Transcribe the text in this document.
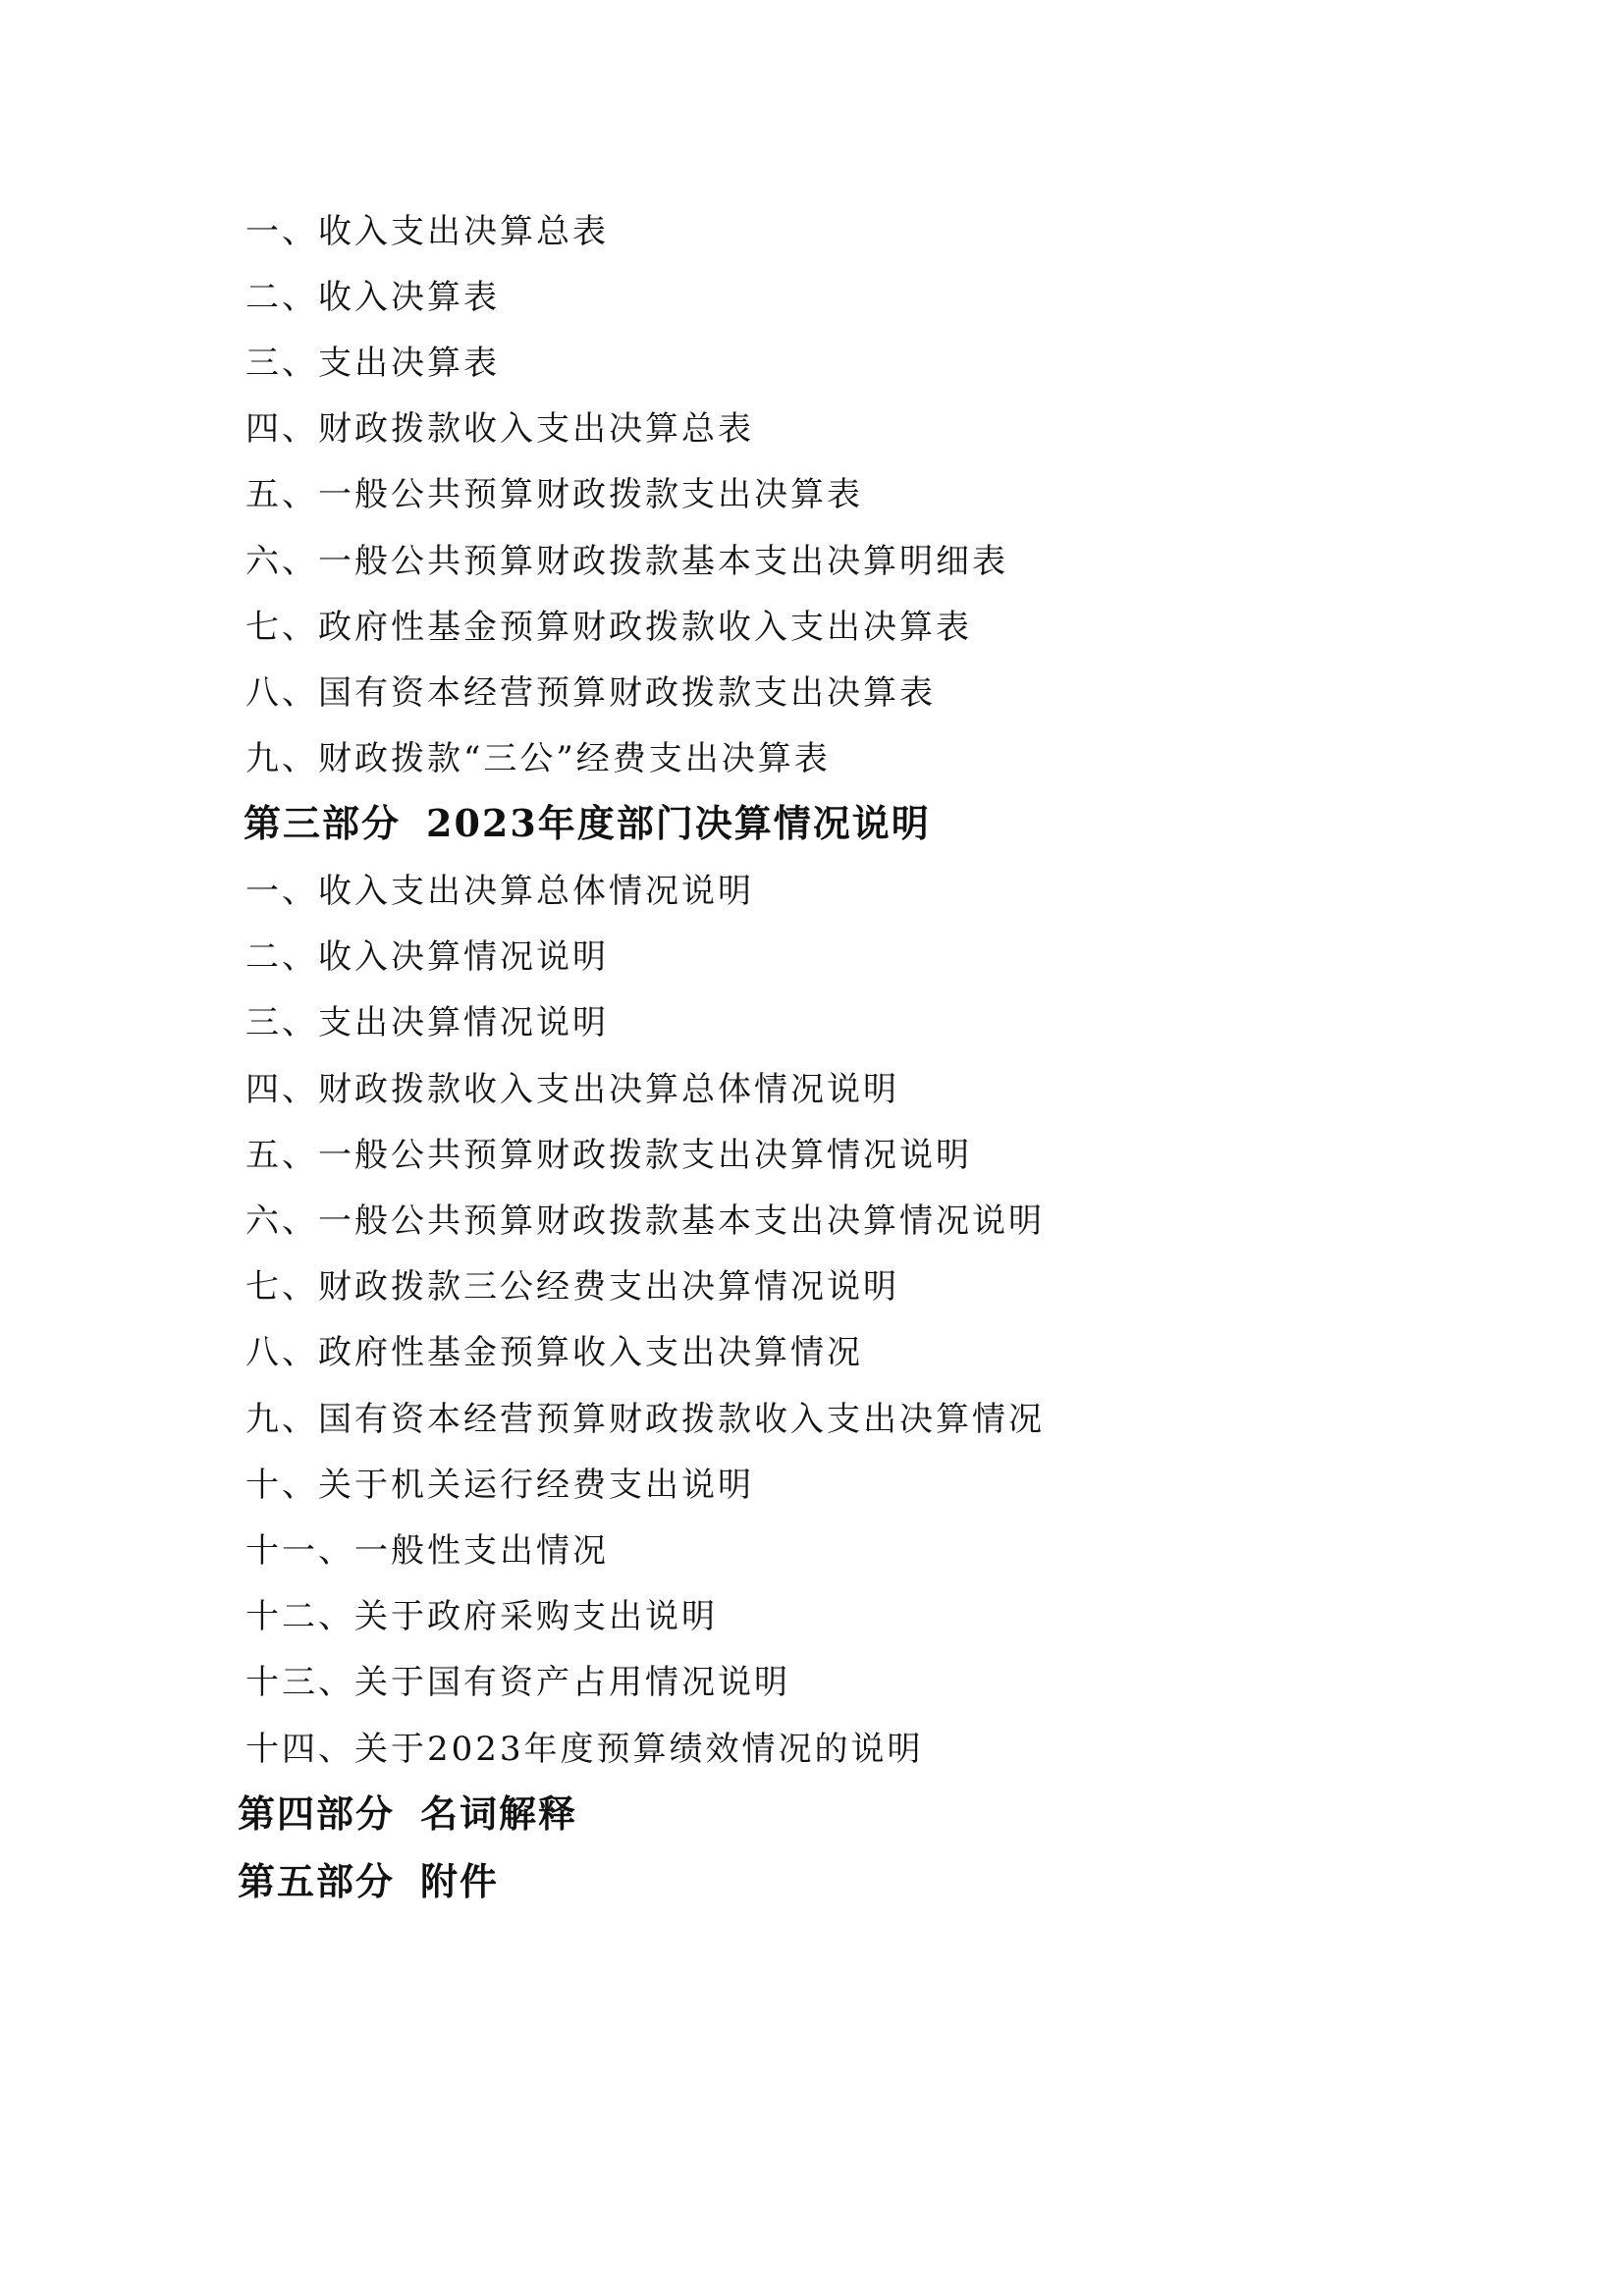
一、收入支出决算总表
二、收入决算表
三、支出决算表
四、财政拨款收入支出决算总表
五、一般公共预算财政拨款支出决算表
六、一般公共预算财政拨款基本支出决算明细表
七、政府性基金预算财政拨款收入支出决算表
八、国有资本经营预算财政拨款支出决算表
九、财政拨款“三公”经费支出决算表
第三部分 2023年度部门决算情况说明
一、收入支出决算总体情况说明
二、收入决算情况说明
三、支出决算情况说明
四、财政拨款收入支出决算总体情况说明
五、一般公共预算财政拨款支出决算情况说明
六、一般公共预算财政拨款基本支出决算情况说明
七、财政拨款三公经费支出决算情况说明
八、政府性基金预算收入支出决算情况
九、国有资本经营预算财政拨款收入支出决算情况
十、关于机关运行经费支出说明
十一、一般性支出情况
十二、关于政府采购支出说明
十三、关于国有资产占用情况说明
十四、关于2023年度预算绩效情况的说明
第四部分 名词解释
第五部分 附件
